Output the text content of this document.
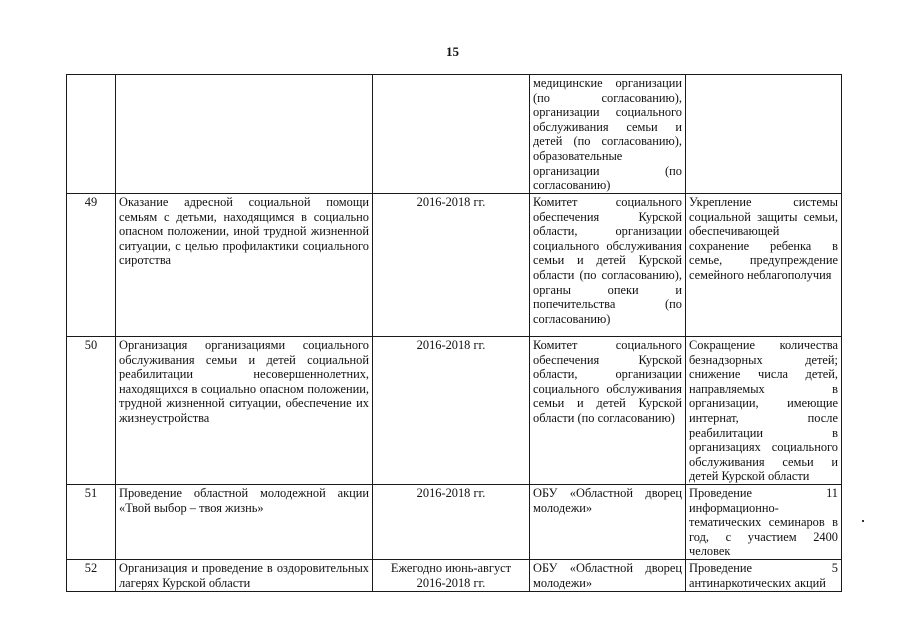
15
			медицинские организации (по согласованию), организации социального обслуживания семьи и детей (по согласованию), образовательные организации (по согласованию)	
49	Оказание адресной социальной помощи семьям с детьми, находящимся в социально опасном положении, иной трудной жизненной ситуации, с целью профилактики социального сиротства	2016-2018 гг.	Комитет социального обеспечения Курской области, организации социального обслуживания семьи и детей Курской области (по согласованию), органы опеки и попечительства (по согласованию)	Укрепление системы социальной защиты семьи, обеспечивающей сохранение ребенка в семье, предупреждение семейного неблагополучия
50	Организация организациями социального обслуживания семьи и детей социальной реабилитации несовершеннолетних, находящихся в социально опасном положении, трудной жизненной ситуации, обеспечение их жизнеустройства	2016-2018 гг.	Комитет социального обеспечения Курской области, организации социального обслуживания семьи и детей Курской области (по согласованию)	Сокращение количества безнадзорных детей; снижение числа детей, направляемых в организации, имеющие интернат, после реабилитации в организациях социального обслуживания семьи и детей Курской области
51	Проведение областной молодежной акции «Твой выбор – твоя жизнь»	2016-2018 гг.	ОБУ «Областной дворец молодежи»	Проведение 11 информационно-тематических семинаров в год, с участием 2400 человек
52	Организация и проведение в оздоровительных лагерях Курской области	Ежегодно июнь-август 2016-2018 гг.	ОБУ «Областной дворец молодежи»	Проведение 5 антинаркотических акций
